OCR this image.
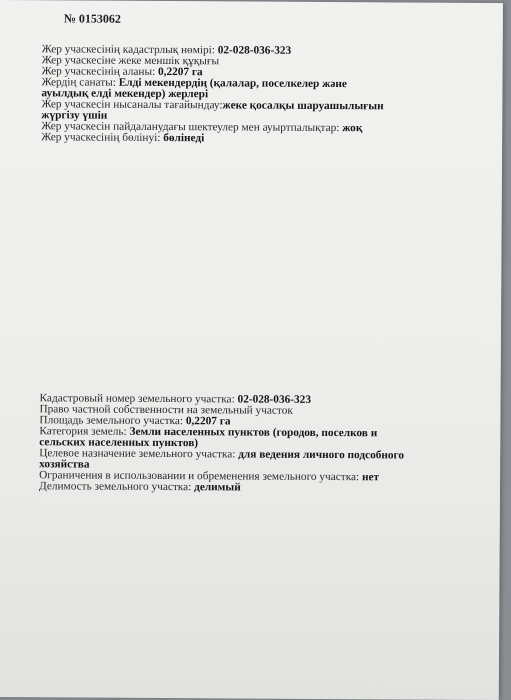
№ 0153062
Жер учаскесінің кадастрлық нөмірі: 02-028-036-323
Жер учаскесіне жеке меншік құқығы
Жер учаскесінің аланы: 0,2207 га
Жердің санаты: Елді мекендердің (қалалар, поселкелер және ауылдық елді мекендер) жерлері
Жер учаскесін нысаналы тағайындау:жеке қосалқы шаруашылығын жүргізу үшін
Жер учаскесін пайдаланудағы шектеулер мен ауыртпалықтар: жоқ
Жер учаскесінің бөлінуі: бөлінеді
Кадастровый номер земельного участка: 02-028-036-323
Право частной собственности на земельный участок
Площадь земельного участка: 0,2207 га
Категория земель: Земли населенных пунктов (городов, поселков и сельских населенных пунктов)
Целевое назначение земельного участка: для ведения личного подсобного хозяйства
Ограничения в использовании и обременения земельного участка: нет
Делимость земельного участка: делимый
